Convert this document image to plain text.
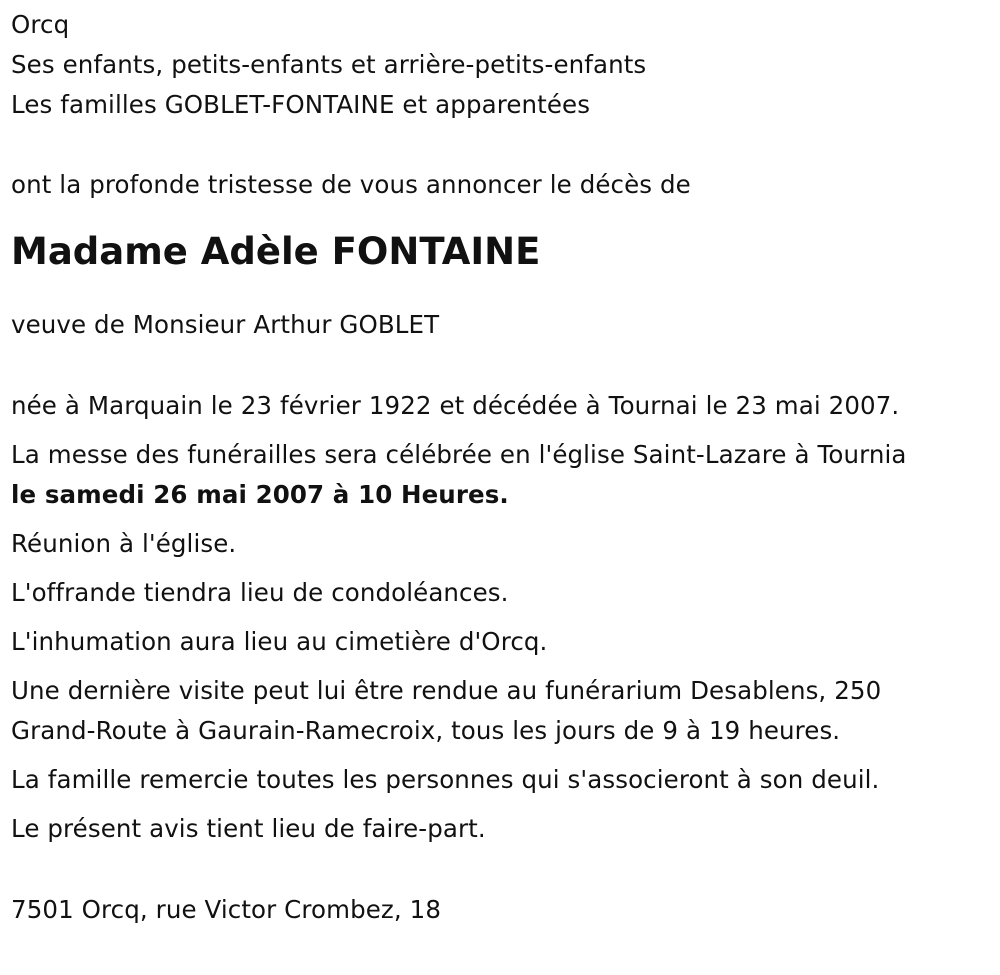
Orcq
Ses enfants, petits-enfants et arrière-petits-enfants
Les familles GOBLET-FONTAINE et apparentées
ont la profonde tristesse de vous annoncer le décès de
Madame Adèle FONTAINE
veuve de Monsieur Arthur GOBLET
née à Marquain le 23 février 1922 et décédée à Tournai le 23 mai 2007.
La messe des funérailles sera célébrée en l'église Saint-Lazare à Tournia
le samedi 26 mai 2007 à 10 Heures.
Réunion à l'église.
L'offrande tiendra lieu de condoléances.
L'inhumation aura lieu au cimetière d'Orcq.
Une dernière visite peut lui être rendue au funérarium Desablens, 250
Grand-Route à Gaurain-Ramecroix, tous les jours de 9 à 19 heures.
La famille remercie toutes les personnes qui s'associeront à son deuil.
Le présent avis tient lieu de faire-part.
7501 Orcq, rue Victor Crombez, 18
